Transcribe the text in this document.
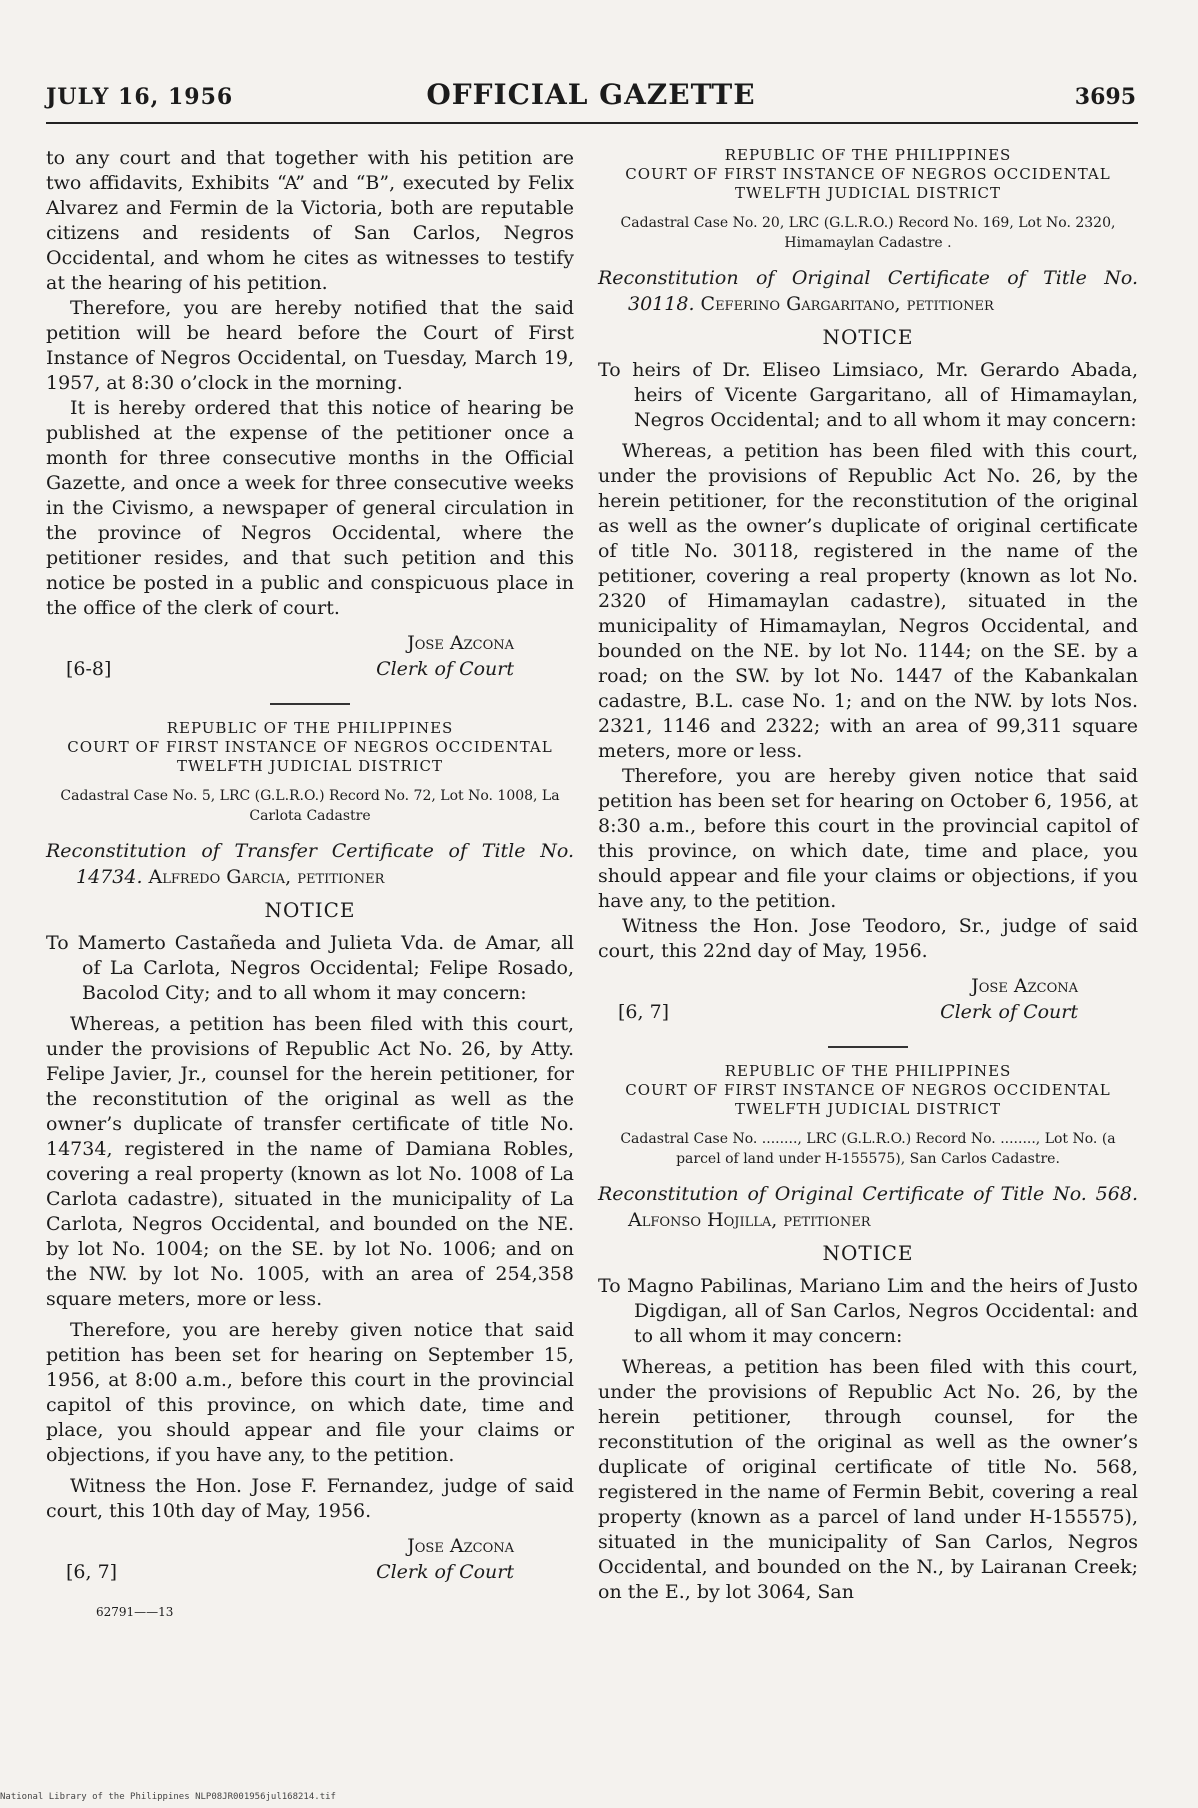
JULY 16, 1956	OFFICIAL GAZETTE	3695

to any court and that together with his petition are two affidavits, Exhibits “A” and “B”, executed by Felix Alvarez and Fermin de la Victoria, both are reputable citizens and residents of San Carlos, Negros Occidental, and whom he cites as witnesses to testify at the hearing of his petition.

Therefore, you are hereby notified that the said petition will be heard before the Court of First Instance of Negros Occidental, on Tuesday, March 19, 1957, at 8:30 o’clock in the morning.

It is hereby ordered that this notice of hearing be published at the expense of the petitioner once a month for three consecutive months in the Official Gazette, and once a week for three consecutive weeks in the Civismo, a newspaper of general circulation in the province of Negros Occidental, where the petitioner resides, and that such petition and this notice be posted in a public and conspicuous place in the office of the clerk of court.

[6-8]
Jose Azcona
Clerk of Court
REPUBLIC OF THE PHILIPPINES
COURT OF FIRST INSTANCE OF NEGROS OCCIDENTAL
TWELFTH JUDICIAL DISTRICT
Cadastral Case No. 5, LRC (G.L.R.O.) Record No. 72, Lot No. 1008, La Carlota Cadastre
Reconstitution of Transfer Certificate of Title No. 14734. Alfredo Garcia, petitioner
NOTICE

To Mamerto Castañeda and Julieta Vda. de Amar, all of La Carlota, Negros Occidental; Felipe Rosado, Bacolod City; and to all whom it may concern:

Whereas, a petition has been filed with this court, under the provisions of Republic Act No. 26, by Atty. Felipe Javier, Jr., counsel for the herein petitioner, for the reconstitution of the original as well as the owner’s duplicate of transfer certificate of title No. 14734, registered in the name of Damiana Robles, covering a real property (known as lot No. 1008 of La Carlota cadastre), situated in the municipality of La Carlota, Negros Occidental, and bounded on the NE. by lot No. 1004; on the SE. by lot No. 1006; and on the NW. by lot No. 1005, with an area of 254,358 square meters, more or less.

Therefore, you are hereby given notice that said petition has been set for hearing on September 15, 1956, at 8:00 a.m., before this court in the provincial capitol of this province, on which date, time and place, you should appear and file your claims or objections, if you have any, to the petition.

Witness the Hon. Jose F. Fernandez, judge of said court, this 10th day of May, 1956.

[6, 7]
Jose Azcona
Clerk of Court
62791——13
REPUBLIC OF THE PHILIPPINES
COURT OF FIRST INSTANCE OF NEGROS OCCIDENTAL
TWELFTH JUDICIAL DISTRICT
Cadastral Case No. 20, LRC (G.L.R.O.) Record No. 169, Lot No. 2320, Himamaylan Cadastre .
Reconstitution of Original Certificate of Title No. 30118. Ceferino Gargaritano, petitioner
NOTICE

To heirs of Dr. Eliseo Limsiaco, Mr. Gerardo Abada, heirs of Vicente Gargaritano, all of Himamaylan, Negros Occidental; and to all whom it may concern:

Whereas, a petition has been filed with this court, under the provisions of Republic Act No. 26, by the herein petitioner, for the reconstitution of the original as well as the owner’s duplicate of original certificate of title No. 30118, registered in the name of the petitioner, covering a real property (known as lot No. 2320 of Himamaylan cadastre), situated in the municipality of Himamaylan, Negros Occidental, and bounded on the NE. by lot No. 1144; on the SE. by a road; on the SW. by lot No. 1447 of the Kabankalan cadastre, B.L. case No. 1; and on the NW. by lots Nos. 2321, 1146 and 2322; with an area of 99,311 square meters, more or less.

Therefore, you are hereby given notice that said petition has been set for hearing on October 6, 1956, at 8:30 a.m., before this court in the provincial capitol of this province, on which date, time and place, you should appear and file your claims or objections, if you have any, to the petition.

Witness the Hon. Jose Teodoro, Sr., judge of said court, this 22nd day of May, 1956.

[6, 7]
Jose Azcona
Clerk of Court
REPUBLIC OF THE PHILIPPINES
COURT OF FIRST INSTANCE OF NEGROS OCCIDENTAL
TWELFTH JUDICIAL DISTRICT
Cadastral Case No. ........, LRC (G.L.R.O.) Record No. ........, Lot No. (a parcel of land under H-155575), San Carlos Cadastre.
Reconstitution of Original Certificate of Title No. 568. Alfonso Hojilla, petitioner
NOTICE

To Magno Pabilinas, Mariano Lim and the heirs of Justo Digdigan, all of San Carlos, Negros Occidental: and to all whom it may concern:

Whereas, a petition has been filed with this court, under the provisions of Republic Act No. 26, by the herein petitioner, through counsel, for the reconstitution of the original as well as the owner’s duplicate of original certificate of title No. 568, registered in the name of Fermin Bebit, covering a real property (known as a parcel of land under H-155575), situated in the municipality of San Carlos, Negros Occidental, and bounded on the N., by Lairanan Creek; on the E., by lot 3064, San

National Library of the Philippines NLP08JR001956jul168214.tif
